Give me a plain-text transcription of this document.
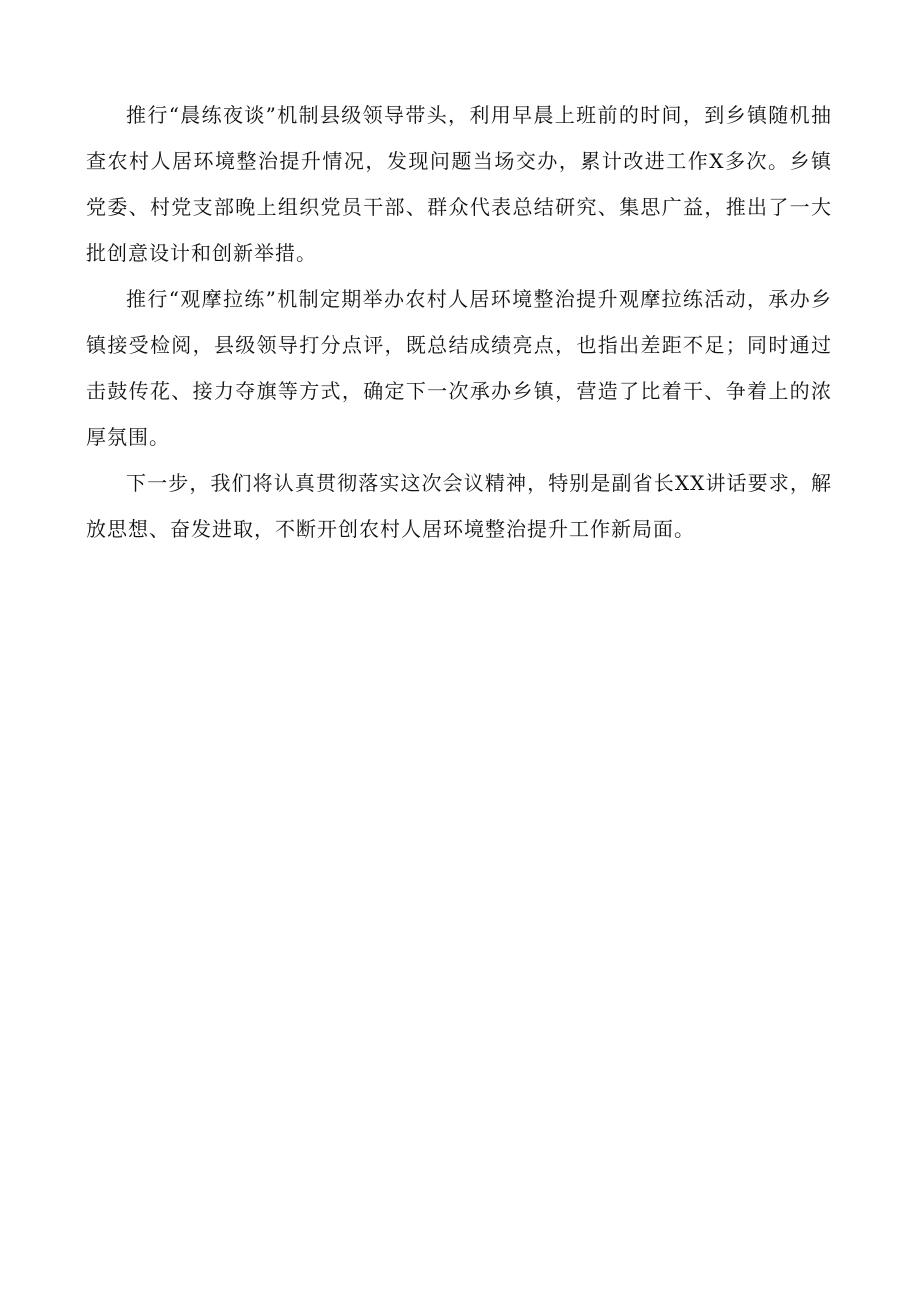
推行“晨练夜谈”机制县级领导带头，利用早晨上班前的时间，到乡镇随机抽查农村人居环境整治提升情况，发现问题当场交办，累计改进工作X多次。乡镇党委、村党支部晚上组织党员干部、群众代表总结研究、集思广益，推出了一大批创意设计和创新举措。

推行“观摩拉练”机制定期举办农村人居环境整治提升观摩拉练活动，承办乡镇接受检阅，县级领导打分点评，既总结成绩亮点，也指出差距不足；同时通过击鼓传花、接力夺旗等方式，确定下一次承办乡镇，营造了比着干、争着上的浓厚氛围。

下一步，我们将认真贯彻落实这次会议精神，特别是副省长XX讲话要求，解放思想、奋发进取，不断开创农村人居环境整治提升工作新局面。
